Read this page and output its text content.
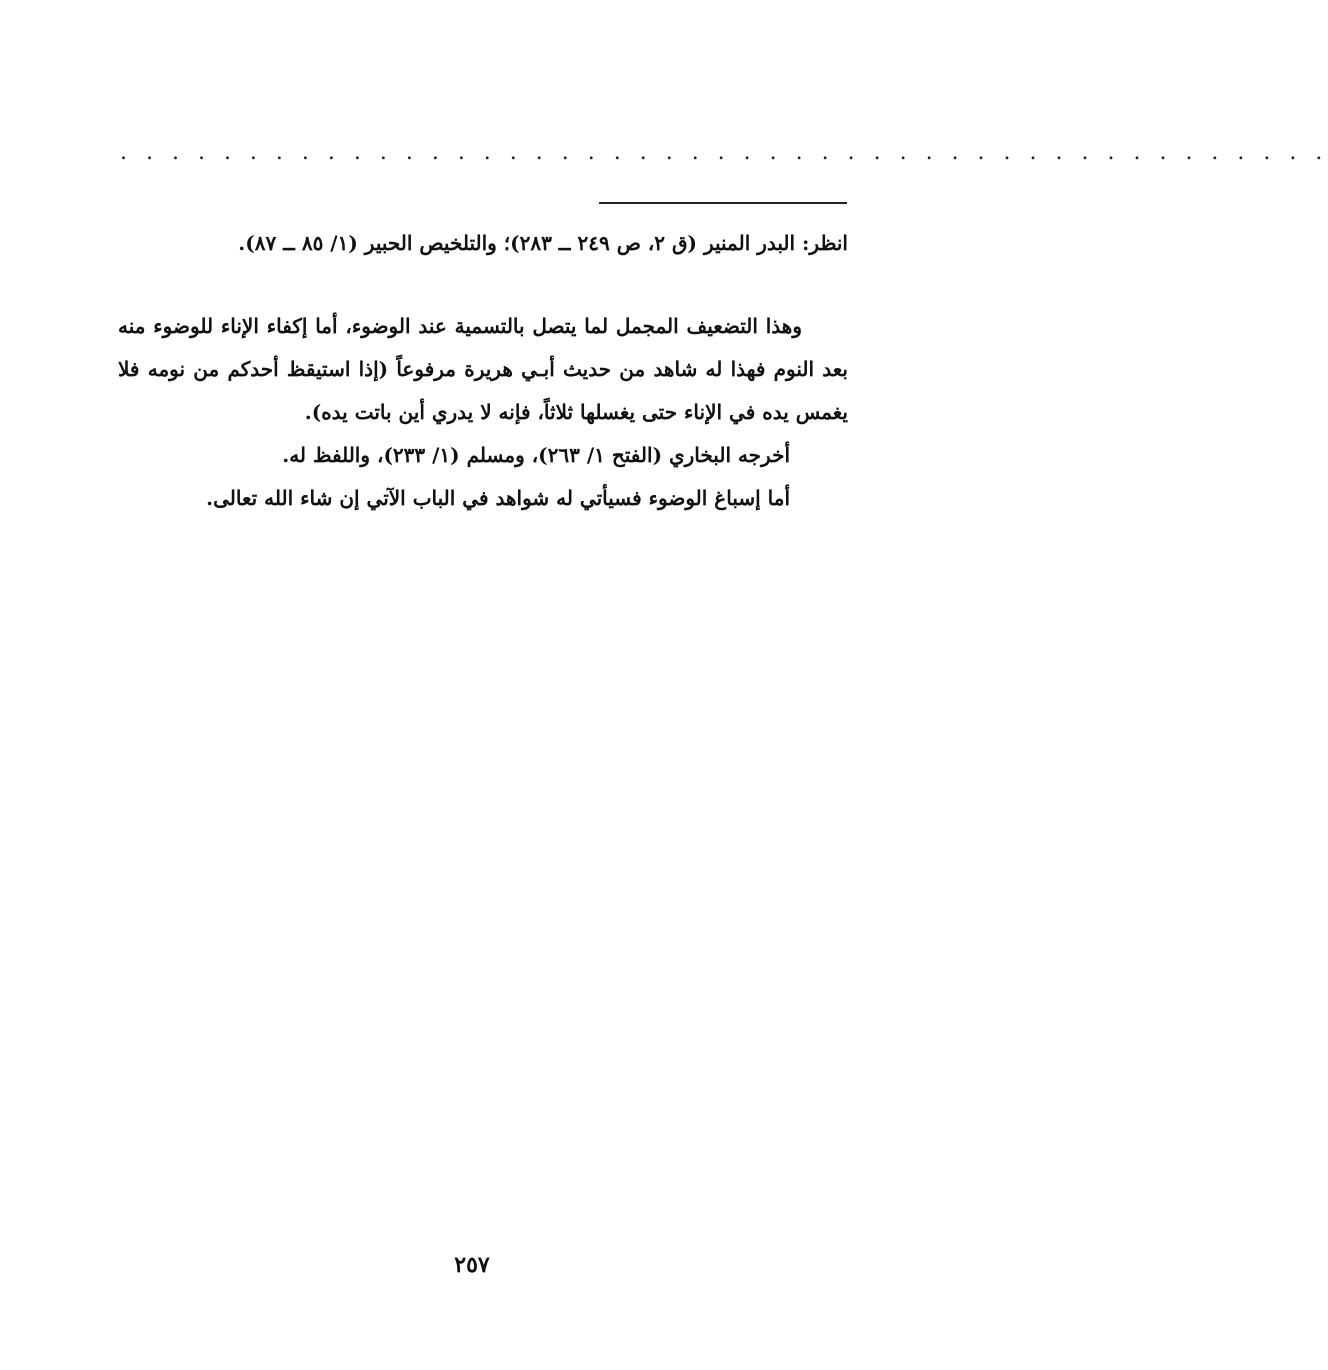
. . . . . . . . . . . . . . . . . . . . . . . . . . . . . . . . . . . . . . . . . . . . . . .
انظر: البدر المنير (ق ٢، ص ٢٤٩ ــ ٢٨٣)؛ والتلخيص الحبير (١/ ٨٥ ــ ٨٧).
وهذا التضعيف المجمل لما يتصل بالتسمية عند الوضوء، أما إكفاء الإناء للوضوء منه بعد النوم فهذا له شاهد من حديث أبـي هريرة مرفوعاً (إذا استيقظ أحدكم من نومه فلا يغمس يده في الإناء حتى يغسلها ثلاثاً، فإنه لا يدري أين باتت يده).
أخرجه البخاري (الفتح ١/ ٢٦٣)، ومسلم (١/ ٢٣٣)، واللفظ له.
أما إسباغ الوضوء فسيأتي له شواهد في الباب الآتي إن شاء الله تعالى.
٢٥٧
